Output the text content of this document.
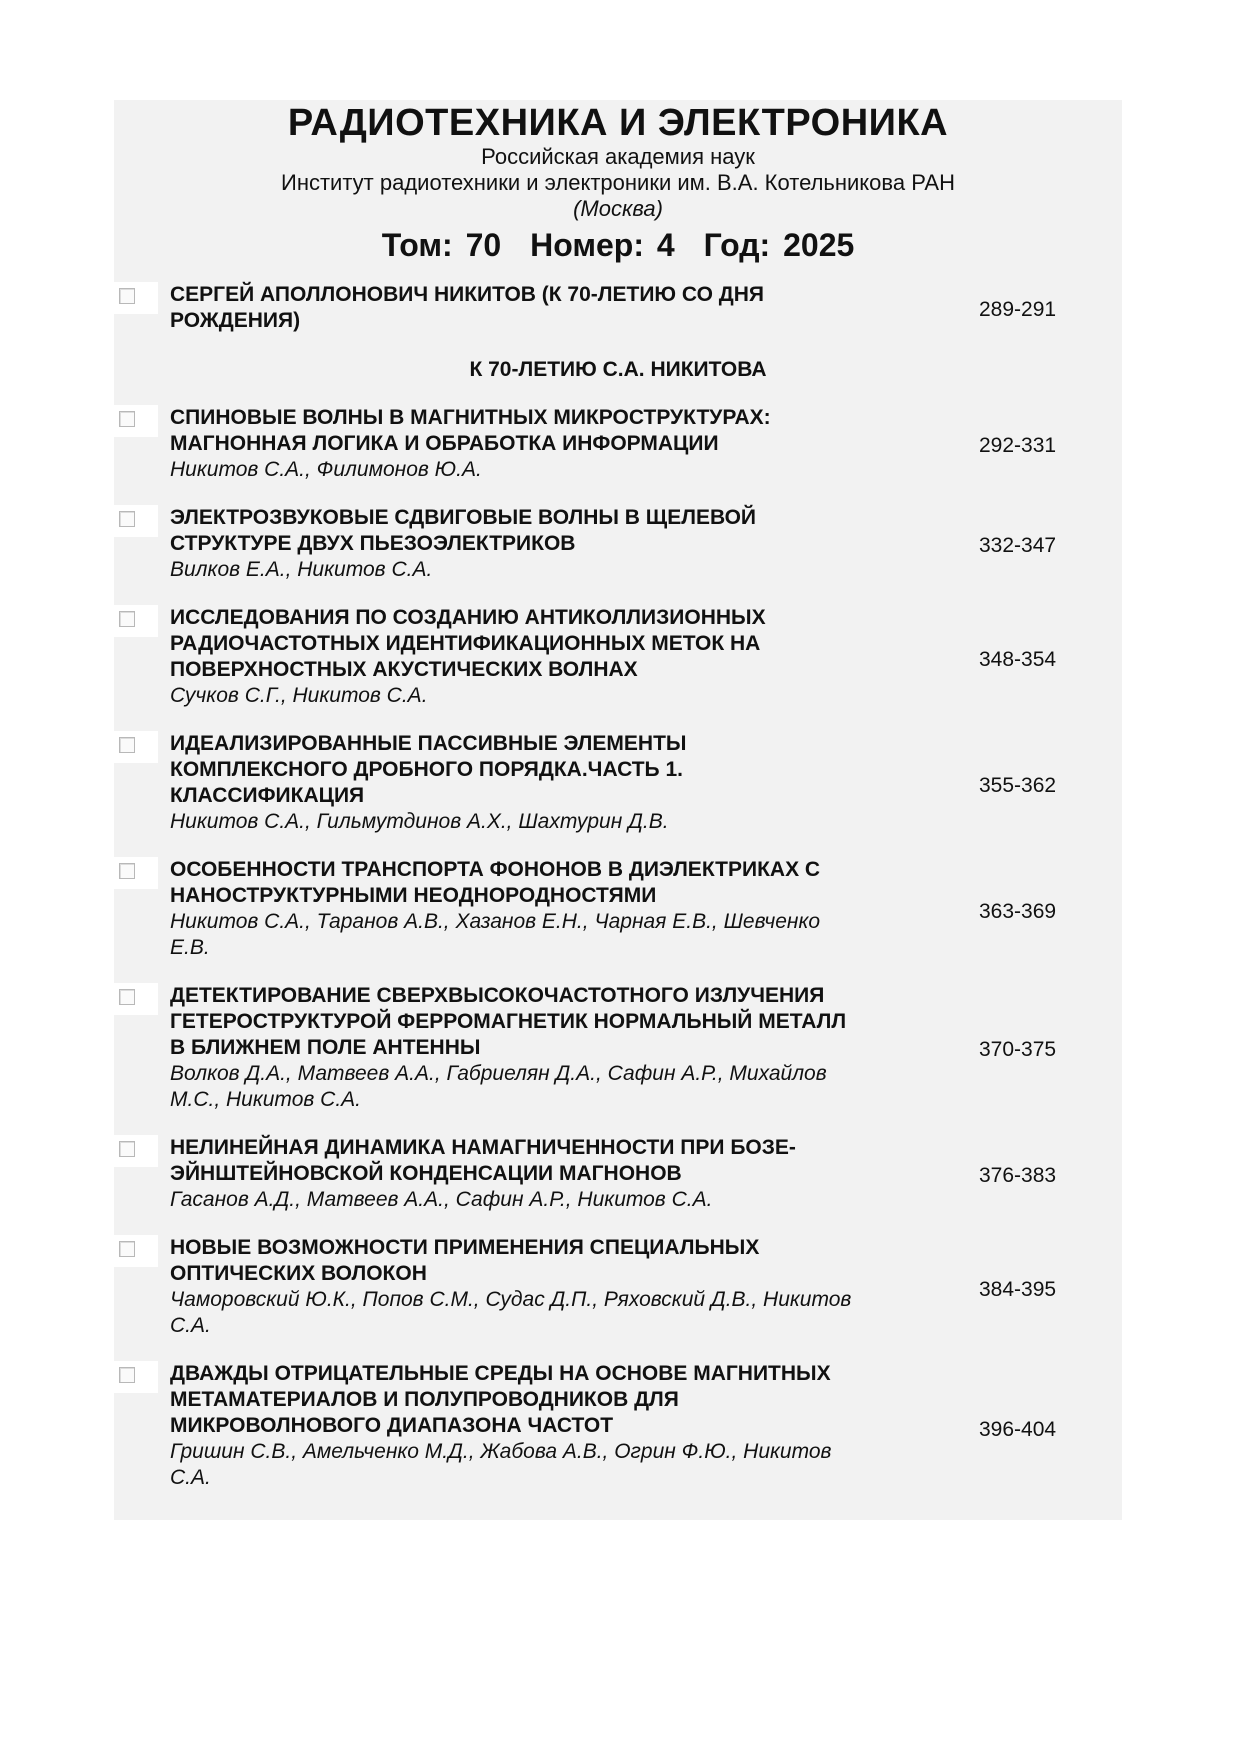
РАДИОТЕХНИКА И ЭЛЕКТРОНИКА
Российская академия наук
Институт радиотехники и электроники им. В.А. Котельникова РАН
(Москва)
Том: 70 Номер: 4 Год: 2025
К 70-ЛЕТИЮ С.А. НИКИТОВА
СЕРГЕЙ АПОЛЛОНОВИЧ НИКИТОВ (К 70-ЛЕТИЮ СО ДНЯ
РОЖДЕНИЯ)	289-291
СПИНОВЫЕ ВОЛНЫ В МАГНИТНЫХ МИКРОСТРУКТУРАХ:
МАГНОННАЯ ЛОГИКА И ОБРАБОТКА ИНФОРМАЦИИ
Никитов С.А., Филимонов Ю.А.
292-331
ЭЛЕКТРОЗВУКОВЫЕ СДВИГОВЫЕ ВОЛНЫ В ЩЕЛЕВОЙ
СТРУКТУРЕ ДВУХ ПЬЕЗОЭЛЕКТРИКОВ
Вилков Е.А., Никитов С.А.
332-347
ИССЛЕДОВАНИЯ ПО СОЗДАНИЮ АНТИКОЛЛИЗИОННЫХ
РАДИОЧАСТОТНЫХ ИДЕНТИФИКАЦИОННЫХ МЕТОК НА
ПОВЕРХНОСТНЫХ АКУСТИЧЕСКИХ ВОЛНАХ
Сучков С.Г., Никитов С.А.
348-354
ИДЕАЛИЗИРОВАННЫЕ ПАССИВНЫЕ ЭЛЕМЕНТЫ
КОМПЛЕКСНОГО ДРОБНОГО ПОРЯДКА.ЧАСТЬ 1.
КЛАССИФИКАЦИЯ
Никитов С.А., Гильмутдинов А.Х., Шахтурин Д.В.
355-362
ОСОБЕННОСТИ ТРАНСПОРТА ФОНОНОВ В ДИЭЛЕКТРИКАХ С
НАНОСТРУКТУРНЫМИ НЕОДНОРОДНОСТЯМИ
Никитов С.А., Таранов А.В., Хазанов Е.Н., Чарная Е.В., Шевченко
Е.В.
363-369
ДЕТЕКТИРОВАНИЕ СВЕРХВЫСОКОЧАСТОТНОГО ИЗЛУЧЕНИЯ
ГЕТЕРОСТРУКТУРОЙ ФЕРРОМАГНЕТИК НОРМАЛЬНЫЙ МЕТАЛЛ
В БЛИЖНЕМ ПОЛЕ АНТЕННЫ
Волков Д.А., Матвеев А.А., Габриелян Д.А., Сафин А.Р., Михайлов
М.С., Никитов С.А.
370-375
НЕЛИНЕЙНАЯ ДИНАМИКА НАМАГНИЧЕННОСТИ ПРИ БОЗЕ-
ЭЙНШТЕЙНОВСКОЙ КОНДЕНСАЦИИ МАГНОНОВ
Гасанов А.Д., Матвеев А.А., Сафин А.Р., Никитов С.А.
376-383
НОВЫЕ ВОЗМОЖНОСТИ ПРИМЕНЕНИЯ СПЕЦИАЛЬНЫХ
ОПТИЧЕСКИХ ВОЛОКОН
Чаморовский Ю.К., Попов С.М., Судас Д.П., Ряховский Д.В., Никитов
С.А.
384-395
ДВАЖДЫ ОТРИЦАТЕЛЬНЫЕ СРЕДЫ НА ОСНОВЕ МАГНИТНЫХ
МЕТАМАТЕРИАЛОВ И ПОЛУПРОВОДНИКОВ ДЛЯ
МИКРОВОЛНОВОГО ДИАПАЗОНА ЧАСТОТ
Гришин С.В., Амельченко М.Д., Жабова А.В., Огрин Ф.Ю., Никитов
С.А.
396-404
